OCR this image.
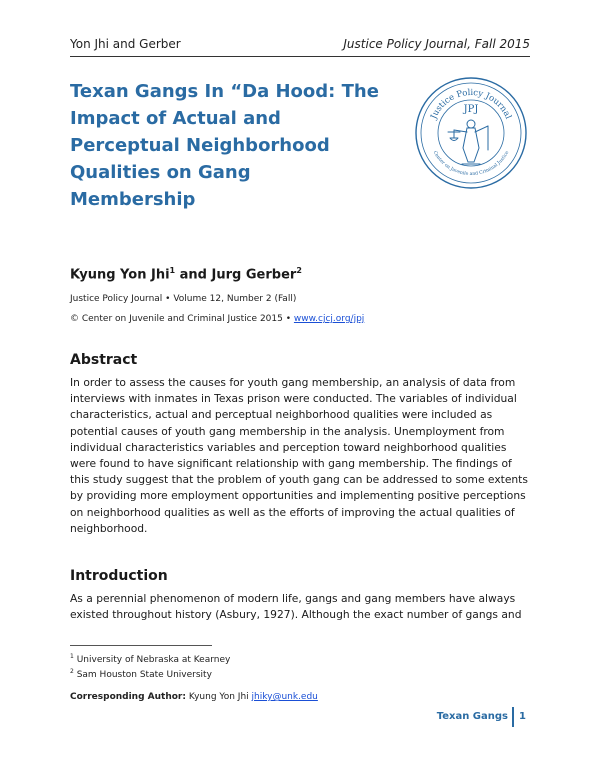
Yon Jhi and Gerber	Justice Policy Journal, Fall 2015
Texan Gangs In “Da Hood: The Impact of Actual and Perceptual Neighborhood Qualities on Gang Membership
Justice Policy Journal
Center on Juvenile and Criminal Justice
JPJ

Kyung Yon Jhi$^1$ and Jurg Gerber$^2$

Justice Policy Journal • Volume 12, Number 2 (Fall)
© Center on Juvenile and Criminal Justice 2015 • www.cjcj.org/jpj
Abstract

In order to assess the causes for youth gang membership, an analysis of data from interviews with inmates in Texas prison were conducted. The variables of individual characteristics, actual and perceptual neighborhood qualities were included as potential causes of youth gang membership in the analysis. Unemployment from individual characteristics variables and perception toward neighborhood qualities were found to have significant relationship with gang membership. The findings of this study suggest that the problem of youth gang can be addressed to some extents by providing more employment opportunities and implementing positive perceptions on neighborhood qualities as well as the efforts of improving the actual qualities of neighborhood.

Introduction

As a perennial phenomenon of modern life, gangs and gang members have always existed throughout history (Asbury, 1927). Although the exact number of gangs and

$^1$ University of Nebraska at Kearney
$^2$ Sam Houston State University
Corresponding Author: Kyung Yon Jhi jhiky@unk.edu
Texan Gangs 1
